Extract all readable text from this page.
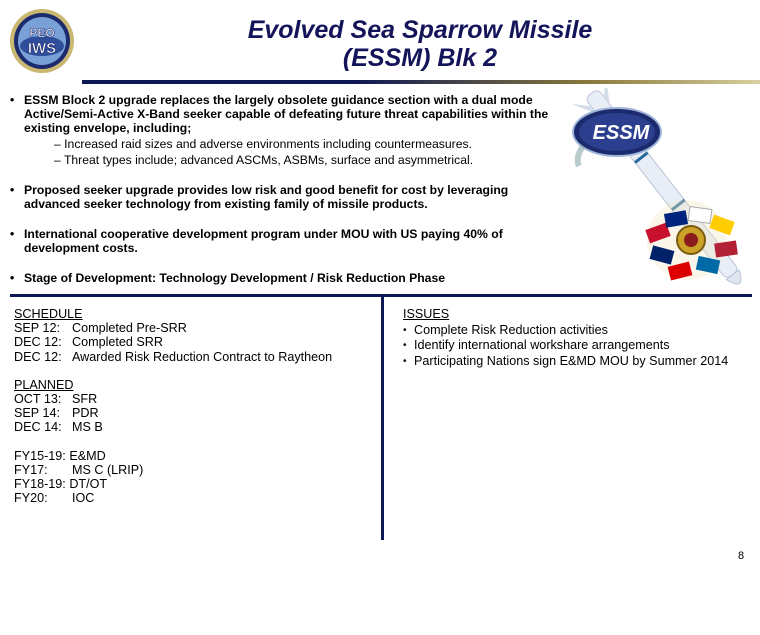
PEO
IWS
Evolved Sea Sparrow Missile
(ESSM) Blk 2
• ESSM Block 2 upgrade replaces the largely obsolete guidance section with a dual mode Active/Semi-Active X-Band seeker capable of defeating future threat capabilities within the existing envelope, including;
– Increased raid sizes and adverse environments including countermeasures.
– Threat types include; advanced ASCMs, ASBMs, surface and asymmetrical.
• Proposed seeker upgrade provides low risk and good benefit for cost by leveraging advanced seeker technology from existing family of missile products.
• International cooperative development program under MOU with US paying 40% of development costs.
• Stage of Development: Technology Development / Risk Reduction Phase
ESSM
SCHEDULE
SEP 12: Completed Pre-SRR
DEC 12: Completed SRR
DEC 12: Awarded Risk Reduction Contract to Raytheon
PLANNED
OCT 13: SFR
SEP 14: PDR
DEC 14: MS B
FY15-19: E&MD
FY17: MS C (LRIP)
FY18-19: DT/OT
FY20: IOC
ISSUES
• Complete Risk Reduction activities
• Identify international workshare arrangements
• Participating Nations sign E&MD MOU by Summer 2014
8
